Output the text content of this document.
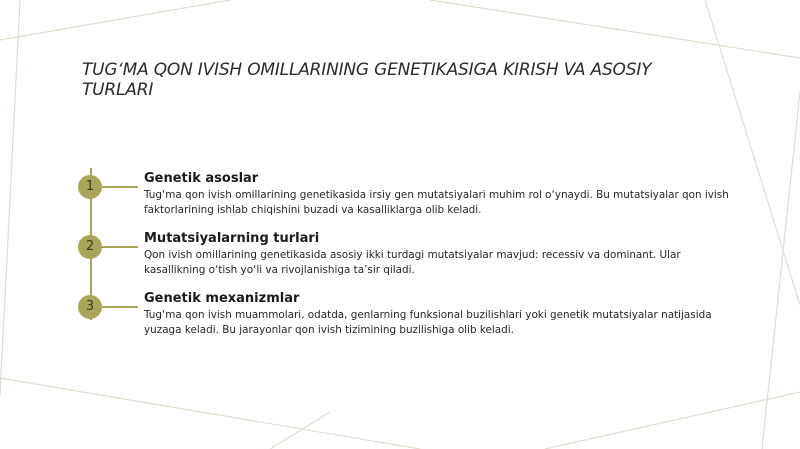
TUG‘MA QON IVISH OMILLARINING GENETIKASIGA KIRISH VA ASOSIY TURLARI
1
Genetik asoslar

Tug‘ma qon ivish omillarining genetikasida irsiy gen mutatsiyalari muhim rol o‘ynaydi. Bu mutatsiyalar qon ivish faktorlarining ishlab chiqishini buzadi va kasalliklarga olib keladi.

2
Mutatsiyalarning turlari

Qon ivish omillarining genetikasida asosiy ikki turdagi mutatsiyalar mavjud: recessiv va dominant. Ular kasallikning o‘tish yo‘li va rivojlanishiga ta’sir qiladi.

3
Genetik mexanizmlar

Tug‘ma qon ivish muammolari, odatda, genlarning funksional buzilishlari yoki genetik mutatsiyalar natijasida yuzaga keladi. Bu jarayonlar qon ivish tizimining buzilishiga olib keladi.
